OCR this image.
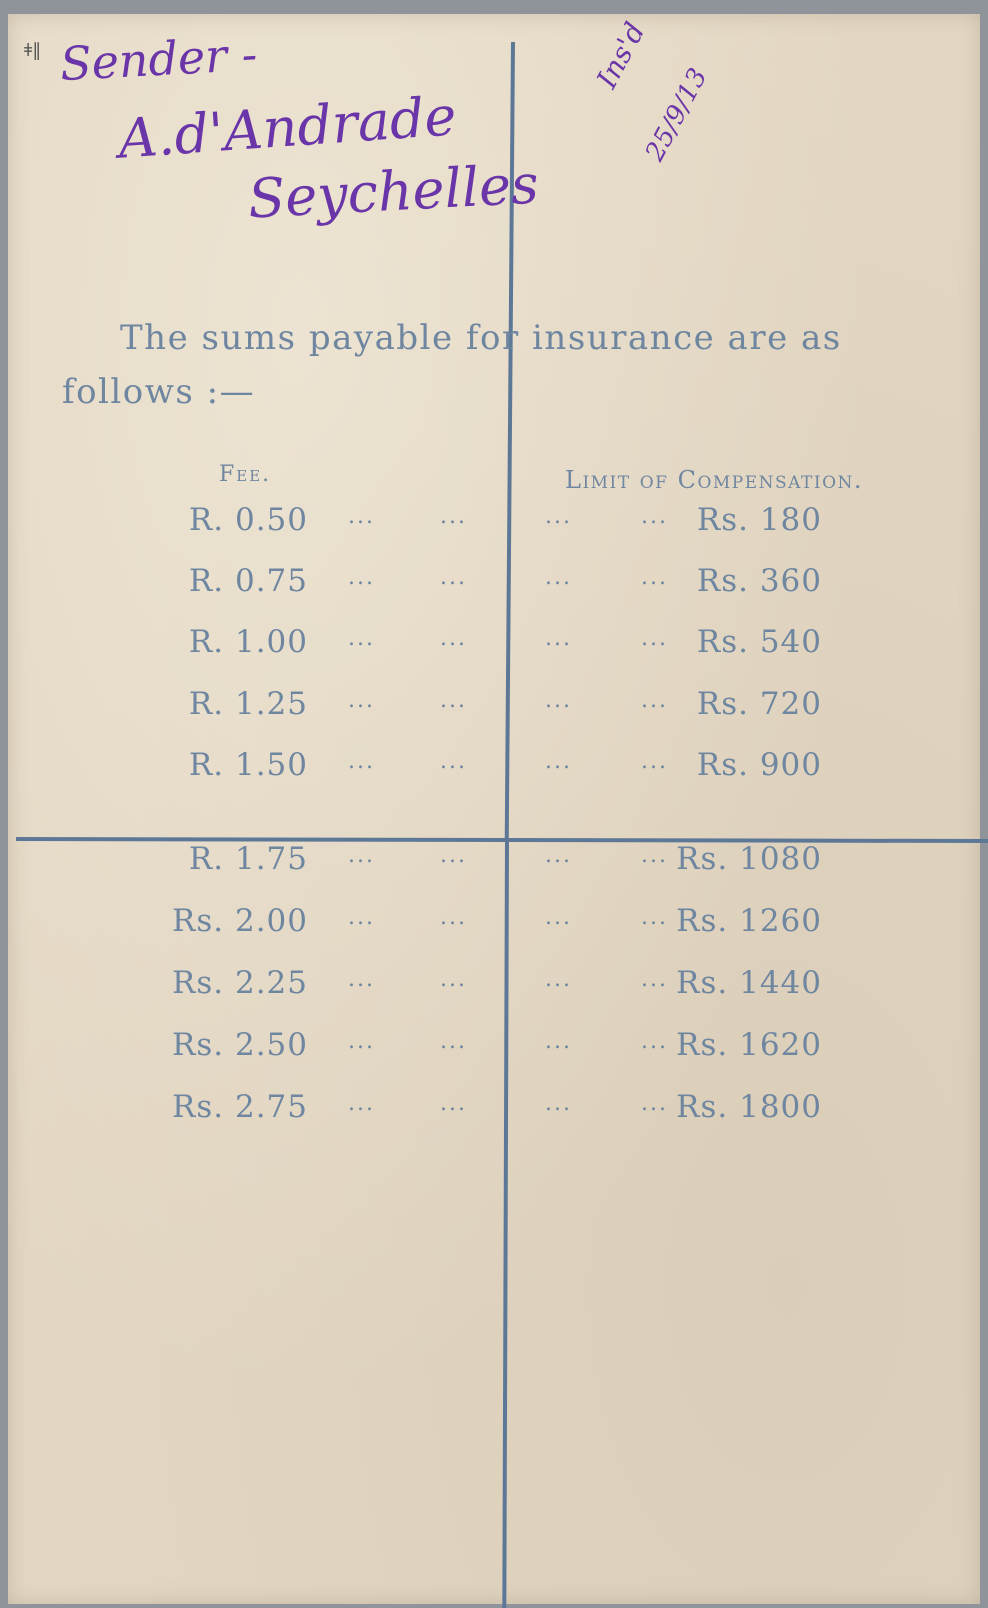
ǂ‖ Sender -
A.d'Andrade
Seychelles
Ins'd
25/9/13
The sums payable for insurance are as
follows :—
Fee.	Limit of Compensation.
R. 0.50 ...	...	...	... Rs. 180
R. 0.75 ...	...	...	... Rs. 360
R. 1.00 ...	...	...	... Rs. 540
R. 1.25 ...	...	...	... Rs. 720
R. 1.50 ...	...	...	... Rs. 900
R. 1.75 ...	...	...	... Rs. 1080
Rs. 2.00 ...	...	...	... Rs. 1260
Rs. 2.25 ...	...	...	... Rs. 1440
Rs. 2.50 ...	...	...	... Rs. 1620
Rs. 2.75 ...	...	...	... Rs. 1800
